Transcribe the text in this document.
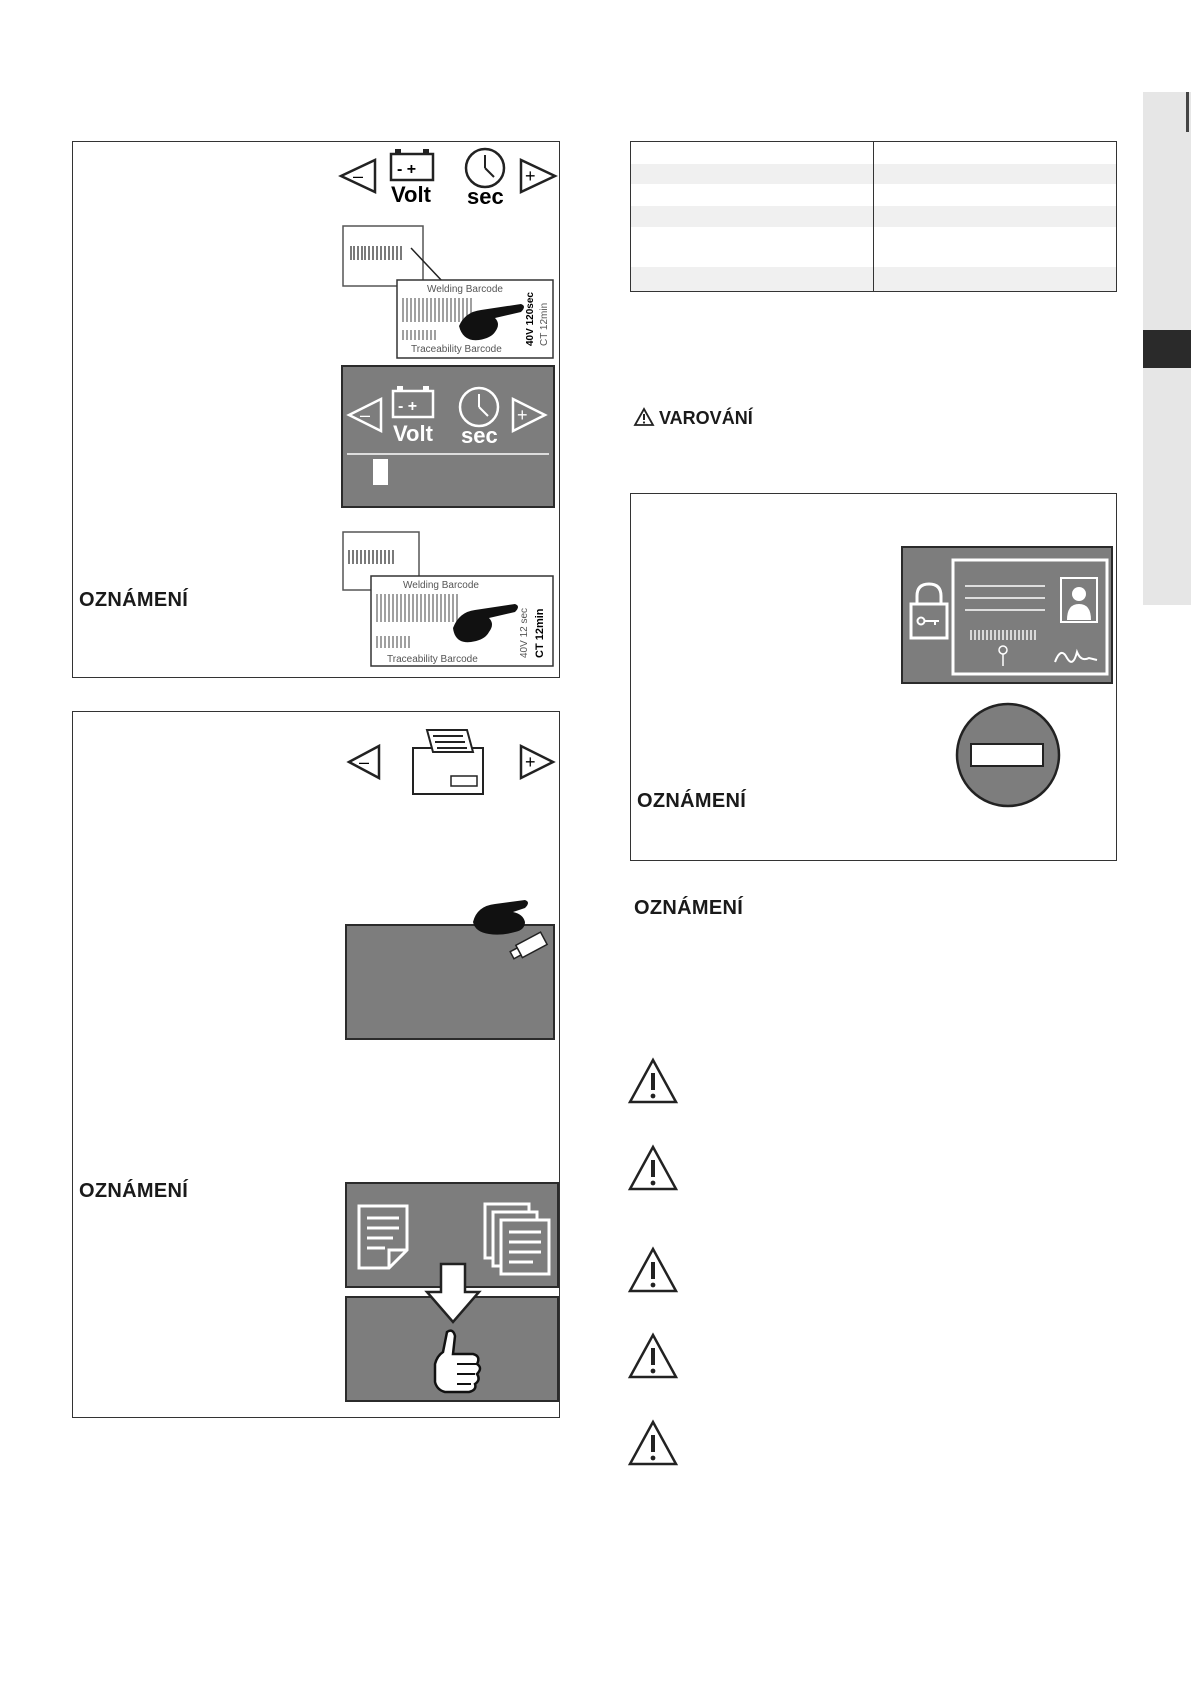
– - +
Volt sec
+
Welding Barcode
Traceability Barcode
40V 120sec CT 12min
– - +
Volt sec
+
Welding Barcode
Traceability Barcode
40V 12 sec CT 12min
OZNÁMENÍ
–	+
OZNÁMENÍ

VAROVÁNÍ
OZNÁMENÍ
OZNÁMENÍ
